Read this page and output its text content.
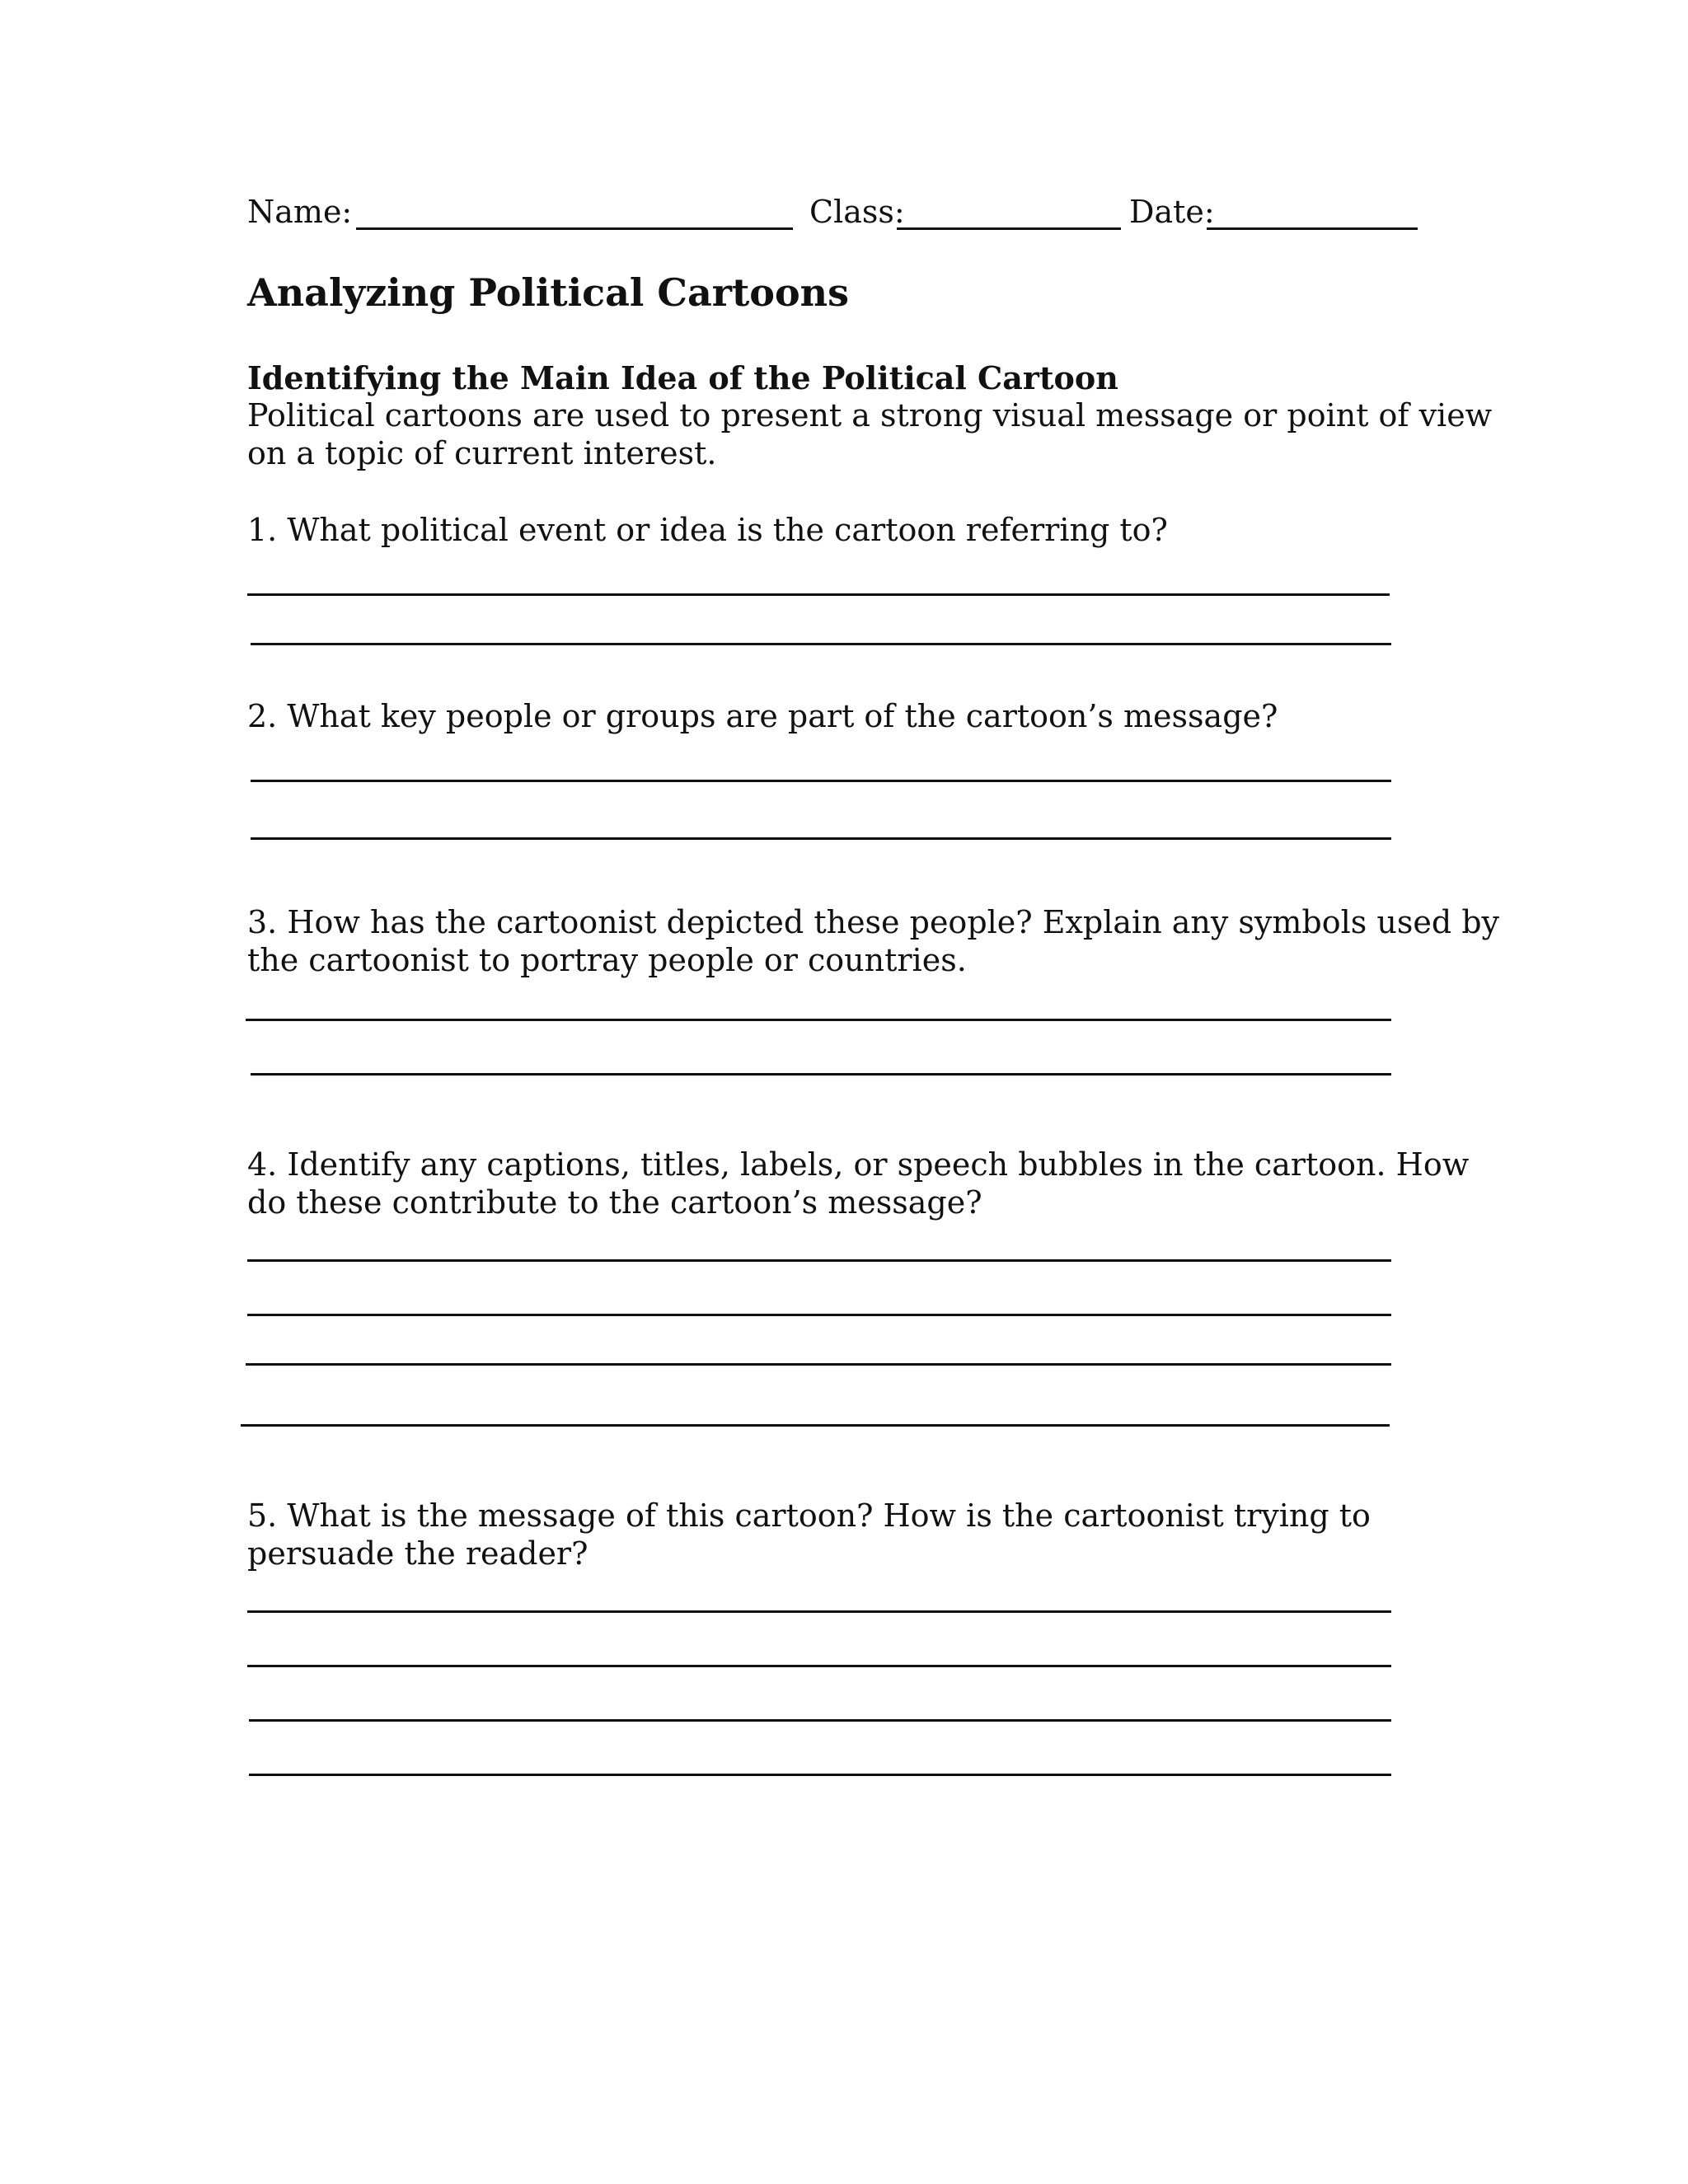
Name:	Class:	Date:
Analyzing Political Cartoons
Identifying the Main Idea of the Political Cartoon
Political cartoons are used to present a strong visual message or point of view
on a topic of current interest.
1. What political event or idea is the cartoon referring to?
2. What key people or groups are part of the cartoon’s message?
3. How has the cartoonist depicted these people? Explain any symbols used by
the cartoonist to portray people or countries.
4. Identify any captions, titles, labels, or speech bubbles in the cartoon. How
do these contribute to the cartoon’s message?
5. What is the message of this cartoon? How is the cartoonist trying to
persuade the reader?
